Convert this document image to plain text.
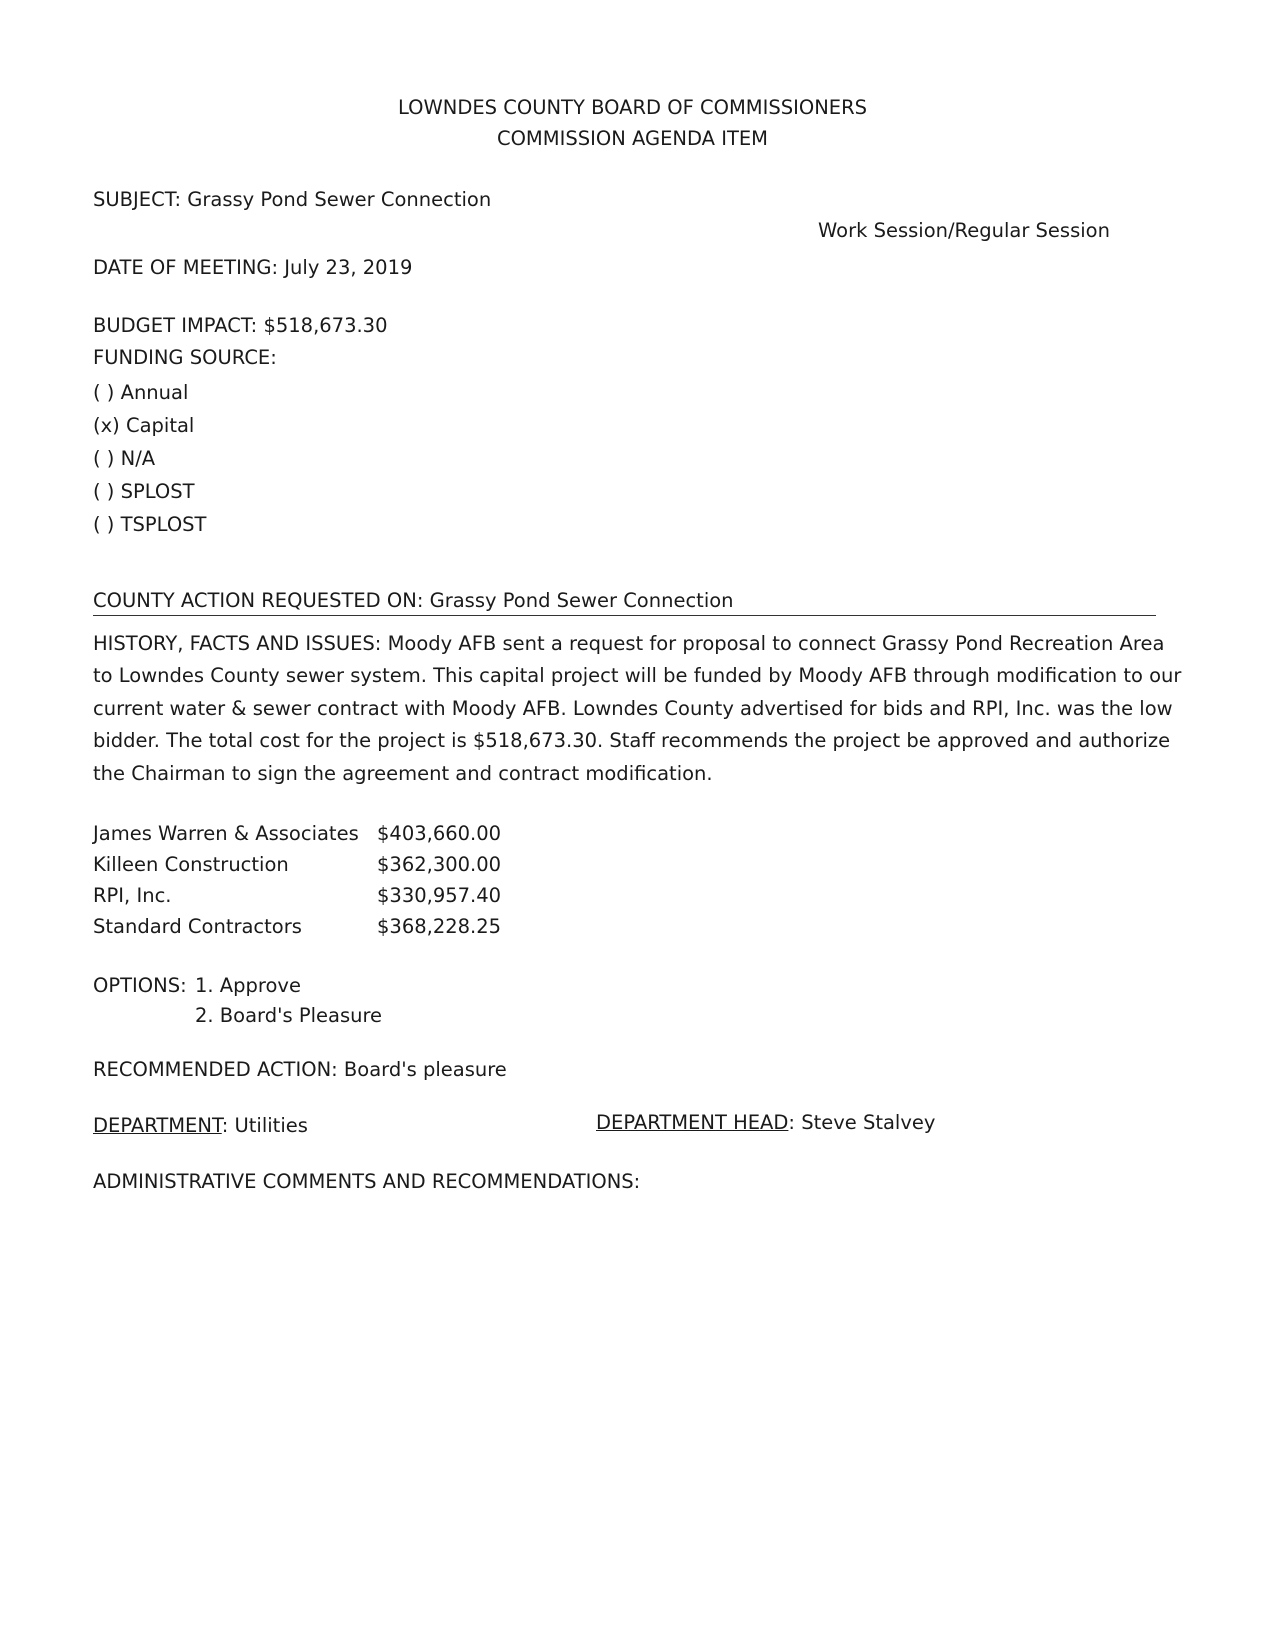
LOWNDES COUNTY BOARD OF COMMISSIONERS
COMMISSION AGENDA ITEM
SUBJECT: Grassy Pond Sewer Connection
Work Session/Regular Session
DATE OF MEETING: July 23, 2019
BUDGET IMPACT: $518,673.30
FUNDING SOURCE:
( ) Annual
(x) Capital
( ) N/A
( ) SPLOST
( ) TSPLOST
COUNTY ACTION REQUESTED ON: Grassy Pond Sewer Connection
HISTORY, FACTS AND ISSUES: Moody AFB sent a request for proposal to connect Grassy Pond Recreation Area to Lowndes County sewer system. This capital project will be funded by Moody AFB through modification to our current water & sewer contract with Moody AFB. Lowndes County advertised for bids and RPI, Inc. was the low bidder. The total cost for the project is $518,673.30. Staff recommends the project be approved and authorize the Chairman to sign the agreement and contract modification.
James Warren & Associates $403,660.00
Killeen Construction	$362,300.00
RPI, Inc.	$330,957.40
Standard Contractors	$368,228.25
OPTIONS: 1. Approve
2. Board's Pleasure
RECOMMENDED ACTION: Board's pleasure
DEPARTMENT: Utilities	DEPARTMENT HEAD: Steve Stalvey
ADMINISTRATIVE COMMENTS AND RECOMMENDATIONS:
